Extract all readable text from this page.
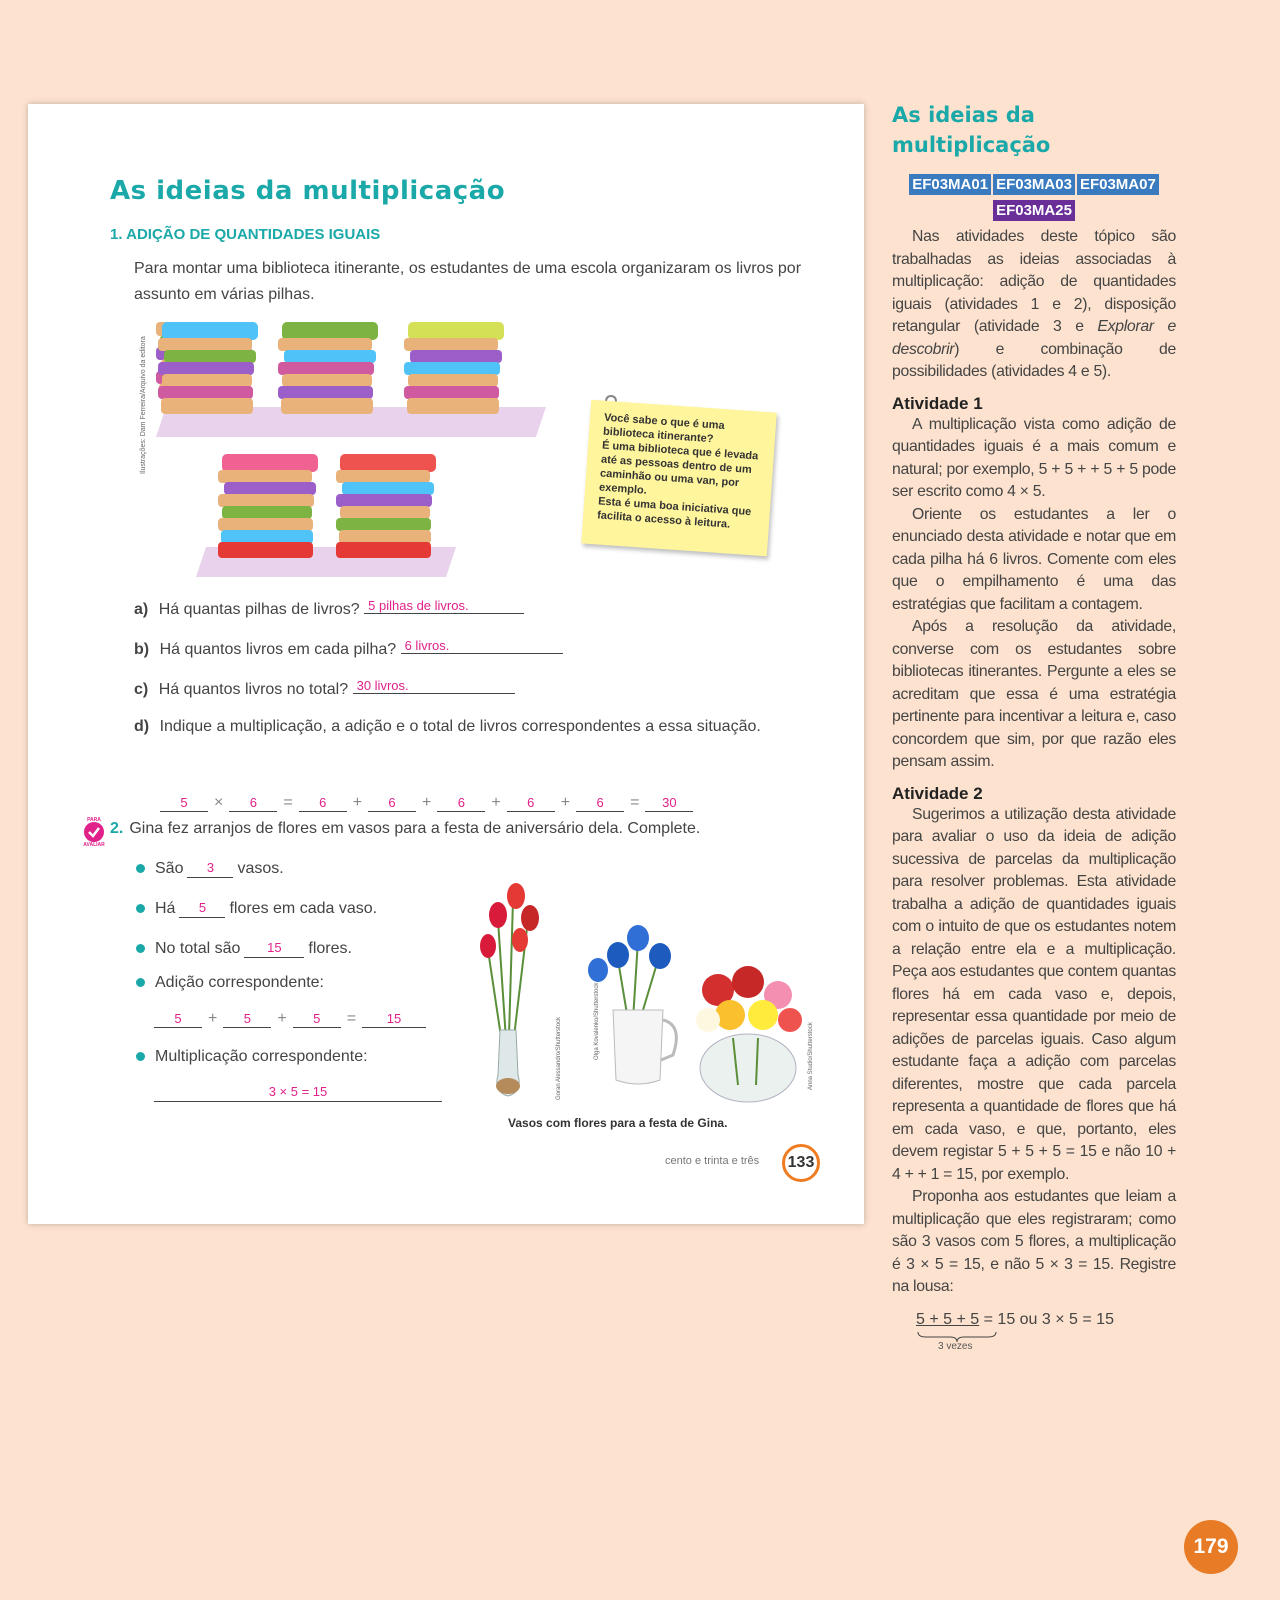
As ideias da multiplicação
1. ADIÇÃO DE QUANTIDADES IGUAIS
Para montar uma biblioteca itinerante, os estudantes de uma escola organizaram os livros por assunto em várias pilhas.
Ilustrações: Dam Ferreira/Arquivo da editora	Você sabe o que é uma biblioteca itinerante?

É uma biblioteca que é levada até as pessoas dentro de um caminhão ou uma van, por exemplo.

Esta é uma boa iniciativa que facilita o acesso à leitura.

a) Há quantas pilhas de livros? 5 pilhas de livros.
b) Há quantos livros em cada pilha? 6 livros.
c) Há quantos livros no total? 30 livros.
d) Indique a multiplicação, a adição e o total de livros correspondentes a essa situação.
5	×	6	=	6	+	6	+	6	+	6	+	6	=	30
PARA
AVALIAR
2. Gina fez arranjos de flores em vasos para a festa de aniversário dela. Complete.
São	3	vasos.
Há	5	flores em cada vaso.
No total são	15	flores.
Adição correspondente:
5	+	5	+	5	=	15
Multiplicação correspondente:
3 × 5 = 15	Goran Alessandro/Shutterstock	Olga Kovalenko/Shutterstock	Anna Studio/Shutterstock
Vasos com flores para a festa de Gina.
cento e trinta e três	133
As ideias da multiplicação
EF03MA01 EF03MA03 EF03MA07
EF03MA25

Nas atividades deste tópico são trabalhadas as ideias associadas à multiplicação: adição de quantidades iguais (atividades 1 e 2), disposição retangular (atividade 3 e Explorar e descobrir) e combinação de possibilidades (atividades 4 e 5).

Atividade 1

A multiplicação vista como adição de quantidades iguais é a mais comum e natural; por exemplo, 5 + 5 + + 5 + 5 pode ser escrito como 4 × 5.

Oriente os estudantes a ler o enunciado desta atividade e notar que em cada pilha há 6 livros. Comente com eles que o empilhamento é uma das estratégias que facilitam a contagem.

Após a resolução da atividade, converse com os estudantes sobre bibliotecas itinerantes. Pergunte a eles se acreditam que essa é uma estratégia pertinente para incentivar a leitura e, caso concordem que sim, por que razão eles pensam assim.

Atividade 2

Sugerimos a utilização desta atividade para avaliar o uso da ideia de adição sucessiva de parcelas da multiplicação para resolver problemas. Esta atividade trabalha a adição de quantidades iguais com o intuito de que os estudantes notem a relação entre ela e a multiplicação. Peça aos estudantes que contem quantas flores há em cada vaso e, depois, representar essa quantidade por meio de adições de parcelas iguais. Caso algum estudante faça a adição com parcelas diferentes, mostre que cada parcela representa a quantidade de flores que há em cada vaso, e que, portanto, eles devem registar 5 + 5 + 5 = 15 e não 10 + 4 + + 1 = 15, por exemplo.

Proponha aos estudantes que leiam a multiplicação que eles registraram; como são 3 vasos com 5 flores, a multiplicação é 3 × 5 = 15, e não 5 × 3 = 15. Registre na lousa:

5 + 5 + 5 = 15 ou 3 × 5 = 15
3 vezes
179
